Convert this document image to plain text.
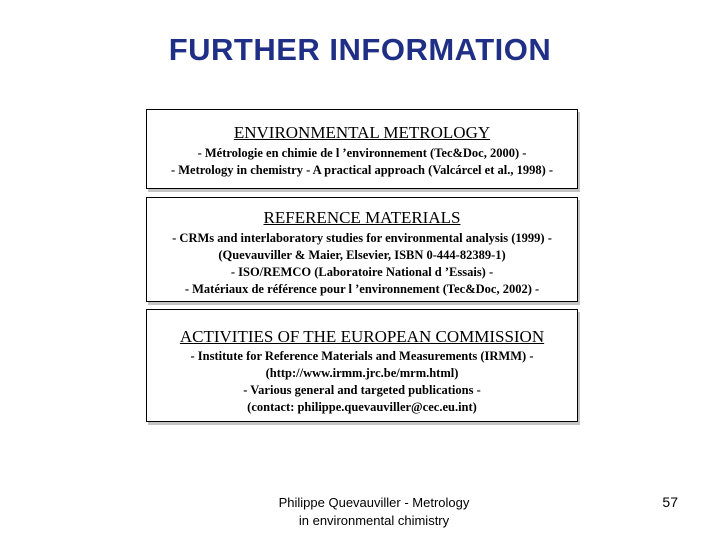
FURTHER INFORMATION
ENVIRONMENTAL METROLOGY
- Métrologie en chimie de l ’environnement (Tec&Doc, 2000) -
- Metrology in chemistry - A practical approach (Valcárcel et al., 1998) -
REFERENCE MATERIALS
- CRMs and interlaboratory studies for environmental analysis (1999) -
(Quevauviller & Maier, Elsevier, ISBN 0-444-82389-1)
- ISO/REMCO (Laboratoire National d ’Essais) -
- Matériaux de référence pour l ’environnement (Tec&Doc, 2002) -
ACTIVITIES OF THE EUROPEAN COMMISSION
- Institute for Reference Materials and Measurements (IRMM) -
(http://www.irmm.jrc.be/mrm.html)
- Various general and targeted publications -
(contact: philippe.quevauviller@cec.eu.int)
Philippe Quevauviller - Metrology
in environmental chimistry
57
